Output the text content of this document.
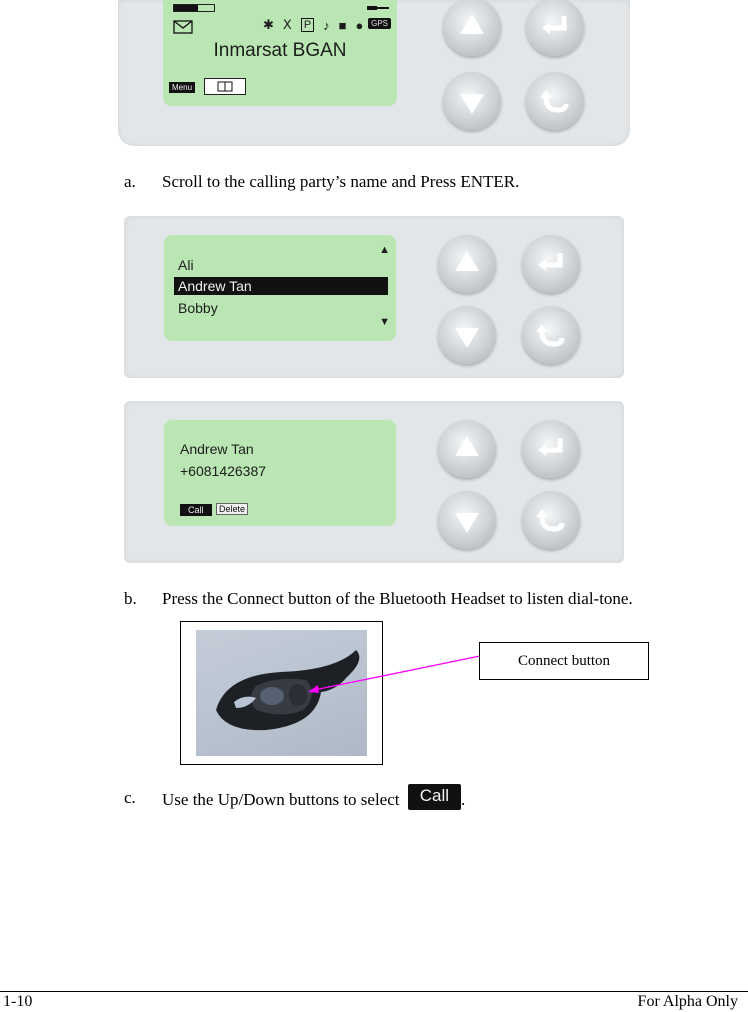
✱ Ⅹ P ♪ ■ ● GPS
Inmarsat BGAN
Menu
a. Scroll to the calling party’s name and Press ENTER.
▲
Ali
Andrew Tan
Bobby
▼
Andrew Tan
+6081426387
Call	Delete
b. Press the Connect button of the Bluetooth Headset to listen dial-tone.
Connect button
c. Use the Up/Down buttons to select Call .
1-10	For Alpha Only
